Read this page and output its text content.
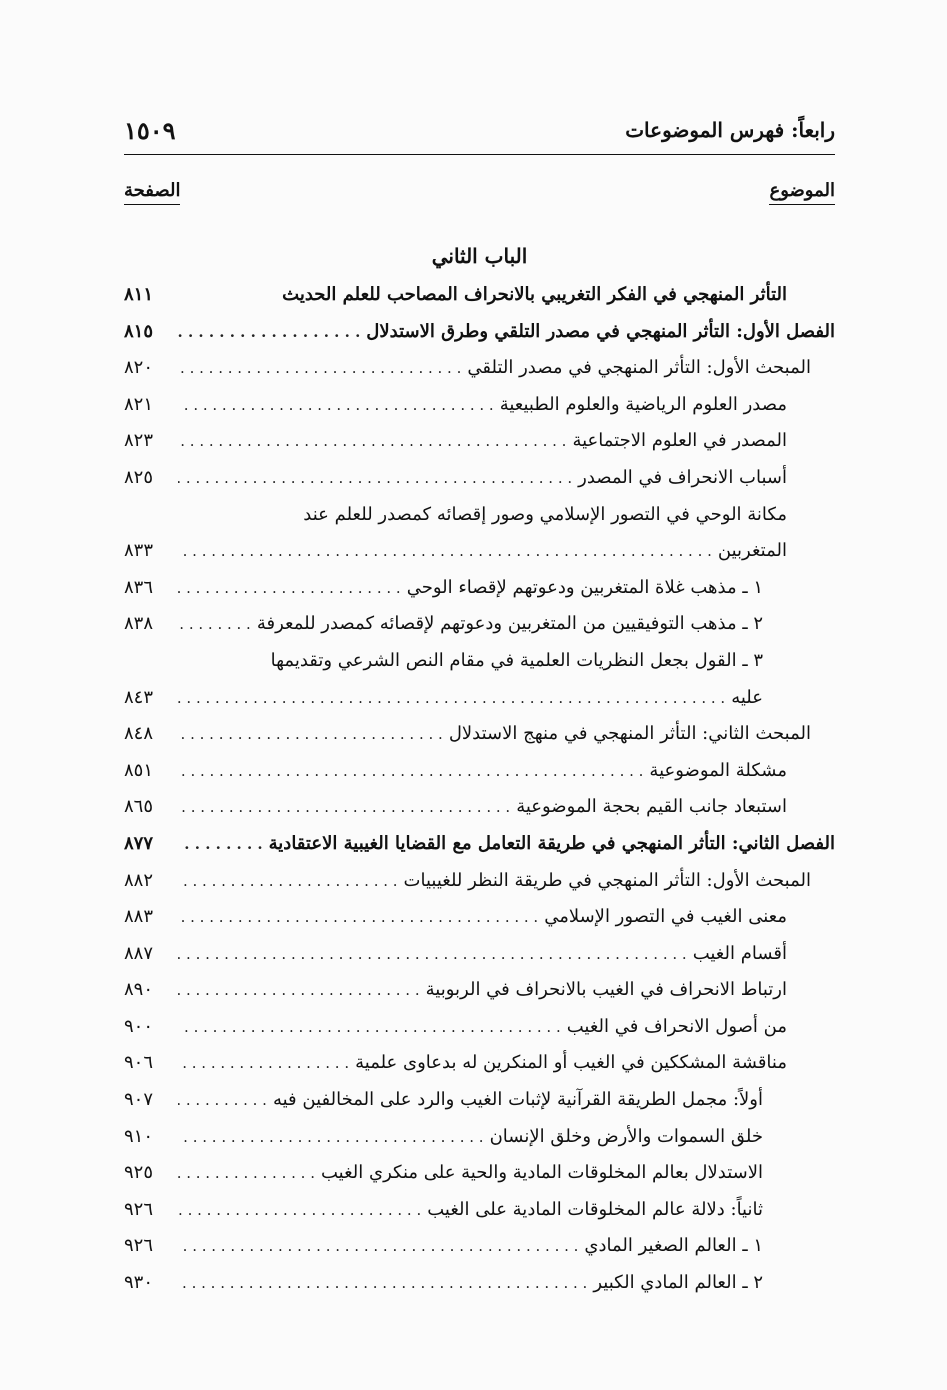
رابعاً: فهرس الموضوعات
١٥٠٩
الموضوع
الصفحة
الباب الثاني
التأثر المنهجي في الفكر التغريبي بالانحراف المصاحب للعلم الحديث
٨١١
الفصل الأول: التأثر المنهجي في مصدر التلقي وطرق الاستدلال
. . .
٨١٥
المبحث الأول: التأثر المنهجي في مصدر التلقي
. . .
٨٢٠
مصدر العلوم الرياضية والعلوم الطبيعية
. . .
٨٢١
المصدر في العلوم الاجتماعية
. . .
٨٢٣
أسباب الانحراف في المصدر
. . .
٨٢٥
مكانة الوحي في التصور الإسلامي وصور إقصائه كمصدر للعلم عند
المتغربين
. . .
٨٣٣
١ ـ مذهب غلاة المتغربين ودعوتهم لإقصاء الوحي
. . .
٨٣٦
٢ ـ مذهب التوفيقيين من المتغربين ودعوتهم لإقصائه كمصدر للمعرفة
. . .
٨٣٨
٣ ـ القول بجعل النظريات العلمية في مقام النص الشرعي وتقديمها
عليه
. . .
٨٤٣
المبحث الثاني: التأثر المنهجي في منهج الاستدلال
. . .
٨٤٨
مشكلة الموضوعية
. . .
٨٥١
استبعاد جانب القيم بحجة الموضوعية
. . .
٨٦٥
الفصل الثاني: التأثر المنهجي في طريقة التعامل مع القضايا الغيبية الاعتقادية
. . .
٨٧٧
المبحث الأول: التأثر المنهجي في طريقة النظر للغيبيات
. . .
٨٨٢
معنى الغيب في التصور الإسلامي
. . .
٨٨٣
أقسام الغيب
. . .
٨٨٧
ارتباط الانحراف في الغيب بالانحراف في الربوبية
. . .
٨٩٠
من أصول الانحراف في الغيب
. . .
٩٠٠
مناقشة المشككين في الغيب أو المنكرين له بدعاوى علمية
. . .
٩٠٦
أولاً: مجمل الطريقة القرآنية لإثبات الغيب والرد على المخالفين فيه
. . .
٩٠٧
خلق السموات والأرض وخلق الإنسان
. . .
٩١٠
الاستدلال بعالم المخلوقات المادية والحية على منكري الغيب
. . .
٩٢٥
ثانياً: دلالة عالم المخلوقات المادية على الغيب
. . .
٩٢٦
١ ـ العالم الصغير المادي
. . .
٩٢٦
٢ ـ العالم المادي الكبير
. . .
٩٣٠
